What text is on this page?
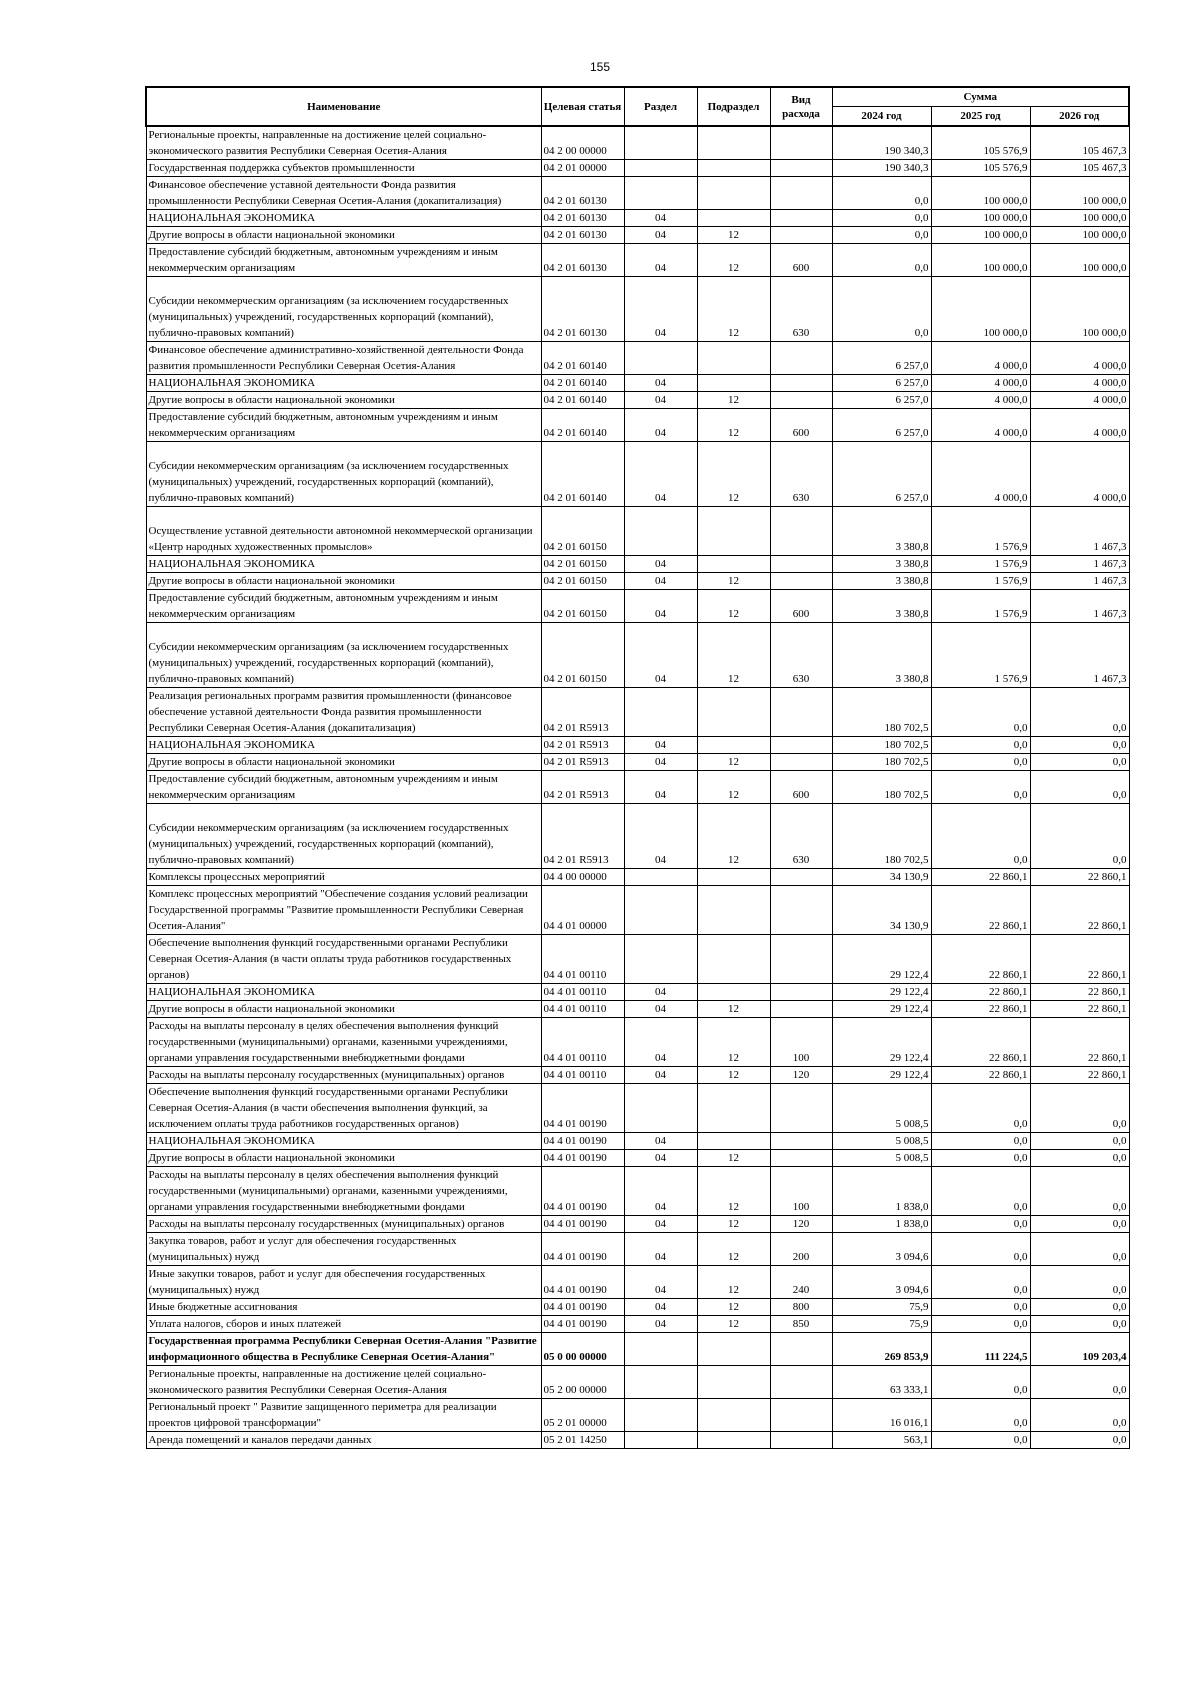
155
Наименование	Целевая статья	Раздел	Подраздел	Вид расхода	Сумма		
					2024 год	2025 год	2026 год
Региональные проекты, направленные на достижение целей социально-экономического развития Республики Северная Осетия-Алания	04 2 00 00000				190 340,3	105 576,9	105 467,3
Государственная поддержка субъектов промышленности	04 2 01 00000				190 340,3	105 576,9	105 467,3
Финансовое обеспечение уставной деятельности Фонда развития промышленности Республики Северная Осетия-Алания (докапитализация)	04 2 01 60130				0,0	100 000,0	100 000,0
НАЦИОНАЛЬНАЯ ЭКОНОМИКА	04 2 01 60130	04			0,0	100 000,0	100 000,0
Другие вопросы в области национальной экономики	04 2 01 60130	04	12		0,0	100 000,0	100 000,0
Предоставление субсидий бюджетным, автономным учреждениям и иным некоммерческим организациям	04 2 01 60130	04	12	600	0,0	100 000,0	100 000,0
Субсидии некоммерческим организациям (за исключением государственных (муниципальных) учреждений, государственных корпораций (компаний), публично-правовых компаний)	04 2 01 60130	04	12	630	0,0	100 000,0	100 000,0
Финансовое обеспечение административно-хозяйственной деятельности Фонда развития промышленности Республики Северная Осетия-Алания	04 2 01 60140				6 257,0	4 000,0	4 000,0
НАЦИОНАЛЬНАЯ ЭКОНОМИКА	04 2 01 60140	04			6 257,0	4 000,0	4 000,0
Другие вопросы в области национальной экономики	04 2 01 60140	04	12		6 257,0	4 000,0	4 000,0
Предоставление субсидий бюджетным, автономным учреждениям и иным некоммерческим организациям	04 2 01 60140	04	12	600	6 257,0	4 000,0	4 000,0
Субсидии некоммерческим организациям (за исключением государственных (муниципальных) учреждений, государственных корпораций (компаний), публично-правовых компаний)	04 2 01 60140	04	12	630	6 257,0	4 000,0	4 000,0
Осуществление уставной деятельности автономной некоммерческой организации «Центр народных художественных промыслов»	04 2 01 60150				3 380,8	1 576,9	1 467,3
НАЦИОНАЛЬНАЯ ЭКОНОМИКА	04 2 01 60150	04			3 380,8	1 576,9	1 467,3
Другие вопросы в области национальной экономики	04 2 01 60150	04	12		3 380,8	1 576,9	1 467,3
Предоставление субсидий бюджетным, автономным учреждениям и иным некоммерческим организациям	04 2 01 60150	04	12	600	3 380,8	1 576,9	1 467,3
Субсидии некоммерческим организациям (за исключением государственных (муниципальных) учреждений, государственных корпораций (компаний), публично-правовых компаний)	04 2 01 60150	04	12	630	3 380,8	1 576,9	1 467,3
Реализация региональных программ развития промышленности (финансовое обеспечение уставной деятельности Фонда развития промышленности Республики Северная Осетия-Алания (докапитализация)	04 2 01 R5913				180 702,5	0,0	0,0
НАЦИОНАЛЬНАЯ ЭКОНОМИКА	04 2 01 R5913	04			180 702,5	0,0	0,0
Другие вопросы в области национальной экономики	04 2 01 R5913	04	12		180 702,5	0,0	0,0
Предоставление субсидий бюджетным, автономным учреждениям и иным некоммерческим организациям	04 2 01 R5913	04	12	600	180 702,5	0,0	0,0
Субсидии некоммерческим организациям (за исключением государственных (муниципальных) учреждений, государственных корпораций (компаний), публично-правовых компаний)	04 2 01 R5913	04	12	630	180 702,5	0,0	0,0
Комплексы процессных мероприятий	04 4 00 00000				34 130,9	22 860,1	22 860,1
Комплекс процессных мероприятий "Обеспечение создания условий реализации Государственной программы "Развитие промышленности Республики Северная Осетия-Алания"	04 4 01 00000				34 130,9	22 860,1	22 860,1
Обеспечение выполнения функций государственными органами Республики Северная Осетия-Алания (в части оплаты труда работников государственных органов)	04 4 01 00110				29 122,4	22 860,1	22 860,1
НАЦИОНАЛЬНАЯ ЭКОНОМИКА	04 4 01 00110	04			29 122,4	22 860,1	22 860,1
Другие вопросы в области национальной экономики	04 4 01 00110	04	12		29 122,4	22 860,1	22 860,1
Расходы на выплаты персоналу в целях обеспечения выполнения функций государственными (муниципальными) органами, казенными учреждениями, органами управления государственными внебюджетными фондами	04 4 01 00110	04	12	100	29 122,4	22 860,1	22 860,1
Расходы на выплаты персоналу государственных (муниципальных) органов	04 4 01 00110	04	12	120	29 122,4	22 860,1	22 860,1
Обеспечение выполнения функций государственными органами Республики Северная Осетия-Алания (в части обеспечения выполнения функций, за исключением оплаты труда работников государственных органов)	04 4 01 00190				5 008,5	0,0	0,0
НАЦИОНАЛЬНАЯ ЭКОНОМИКА	04 4 01 00190	04			5 008,5	0,0	0,0
Другие вопросы в области национальной экономики	04 4 01 00190	04	12		5 008,5	0,0	0,0
Расходы на выплаты персоналу в целях обеспечения выполнения функций государственными (муниципальными) органами, казенными учреждениями, органами управления государственными внебюджетными фондами	04 4 01 00190	04	12	100	1 838,0	0,0	0,0
Расходы на выплаты персоналу государственных (муниципальных) органов	04 4 01 00190	04	12	120	1 838,0	0,0	0,0
Закупка товаров, работ и услуг для обеспечения государственных (муниципальных) нужд	04 4 01 00190	04	12	200	3 094,6	0,0	0,0
Иные закупки товаров, работ и услуг для обеспечения государственных (муниципальных) нужд	04 4 01 00190	04	12	240	3 094,6	0,0	0,0
Иные бюджетные ассигнования	04 4 01 00190	04	12	800	75,9	0,0	0,0
Уплата налогов, сборов и иных платежей	04 4 01 00190	04	12	850	75,9	0,0	0,0
Государственная программа Республики Северная Осетия-Алания "Развитие информационного общества в Республике Северная Осетия-Алания"	05 0 00 00000				269 853,9	111 224,5	109 203,4
Региональные проекты, направленные на достижение целей социально-экономического развития Республики Северная Осетия-Алания	05 2 00 00000				63 333,1	0,0	0,0
Региональный проект " Развитие защищенного периметра для реализации проектов цифровой трансформации"	05 2 01 00000				16 016,1	0,0	0,0
Аренда помещений и каналов передачи данных	05 2 01 14250				563,1	0,0	0,0
